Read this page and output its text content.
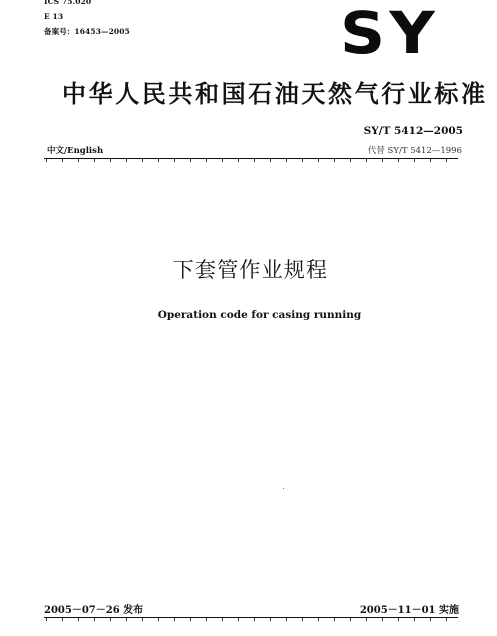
ICS 75.020
E 13
备案号：16453—2005	SY
中华人民共和国石油天然气行业标准
SY/T 5412—2005
代替 SY/T 5412—1996
中文/English
下套管作业规程
Operation code for casing running
2005－07－26 发布	2005－11－01 实施
